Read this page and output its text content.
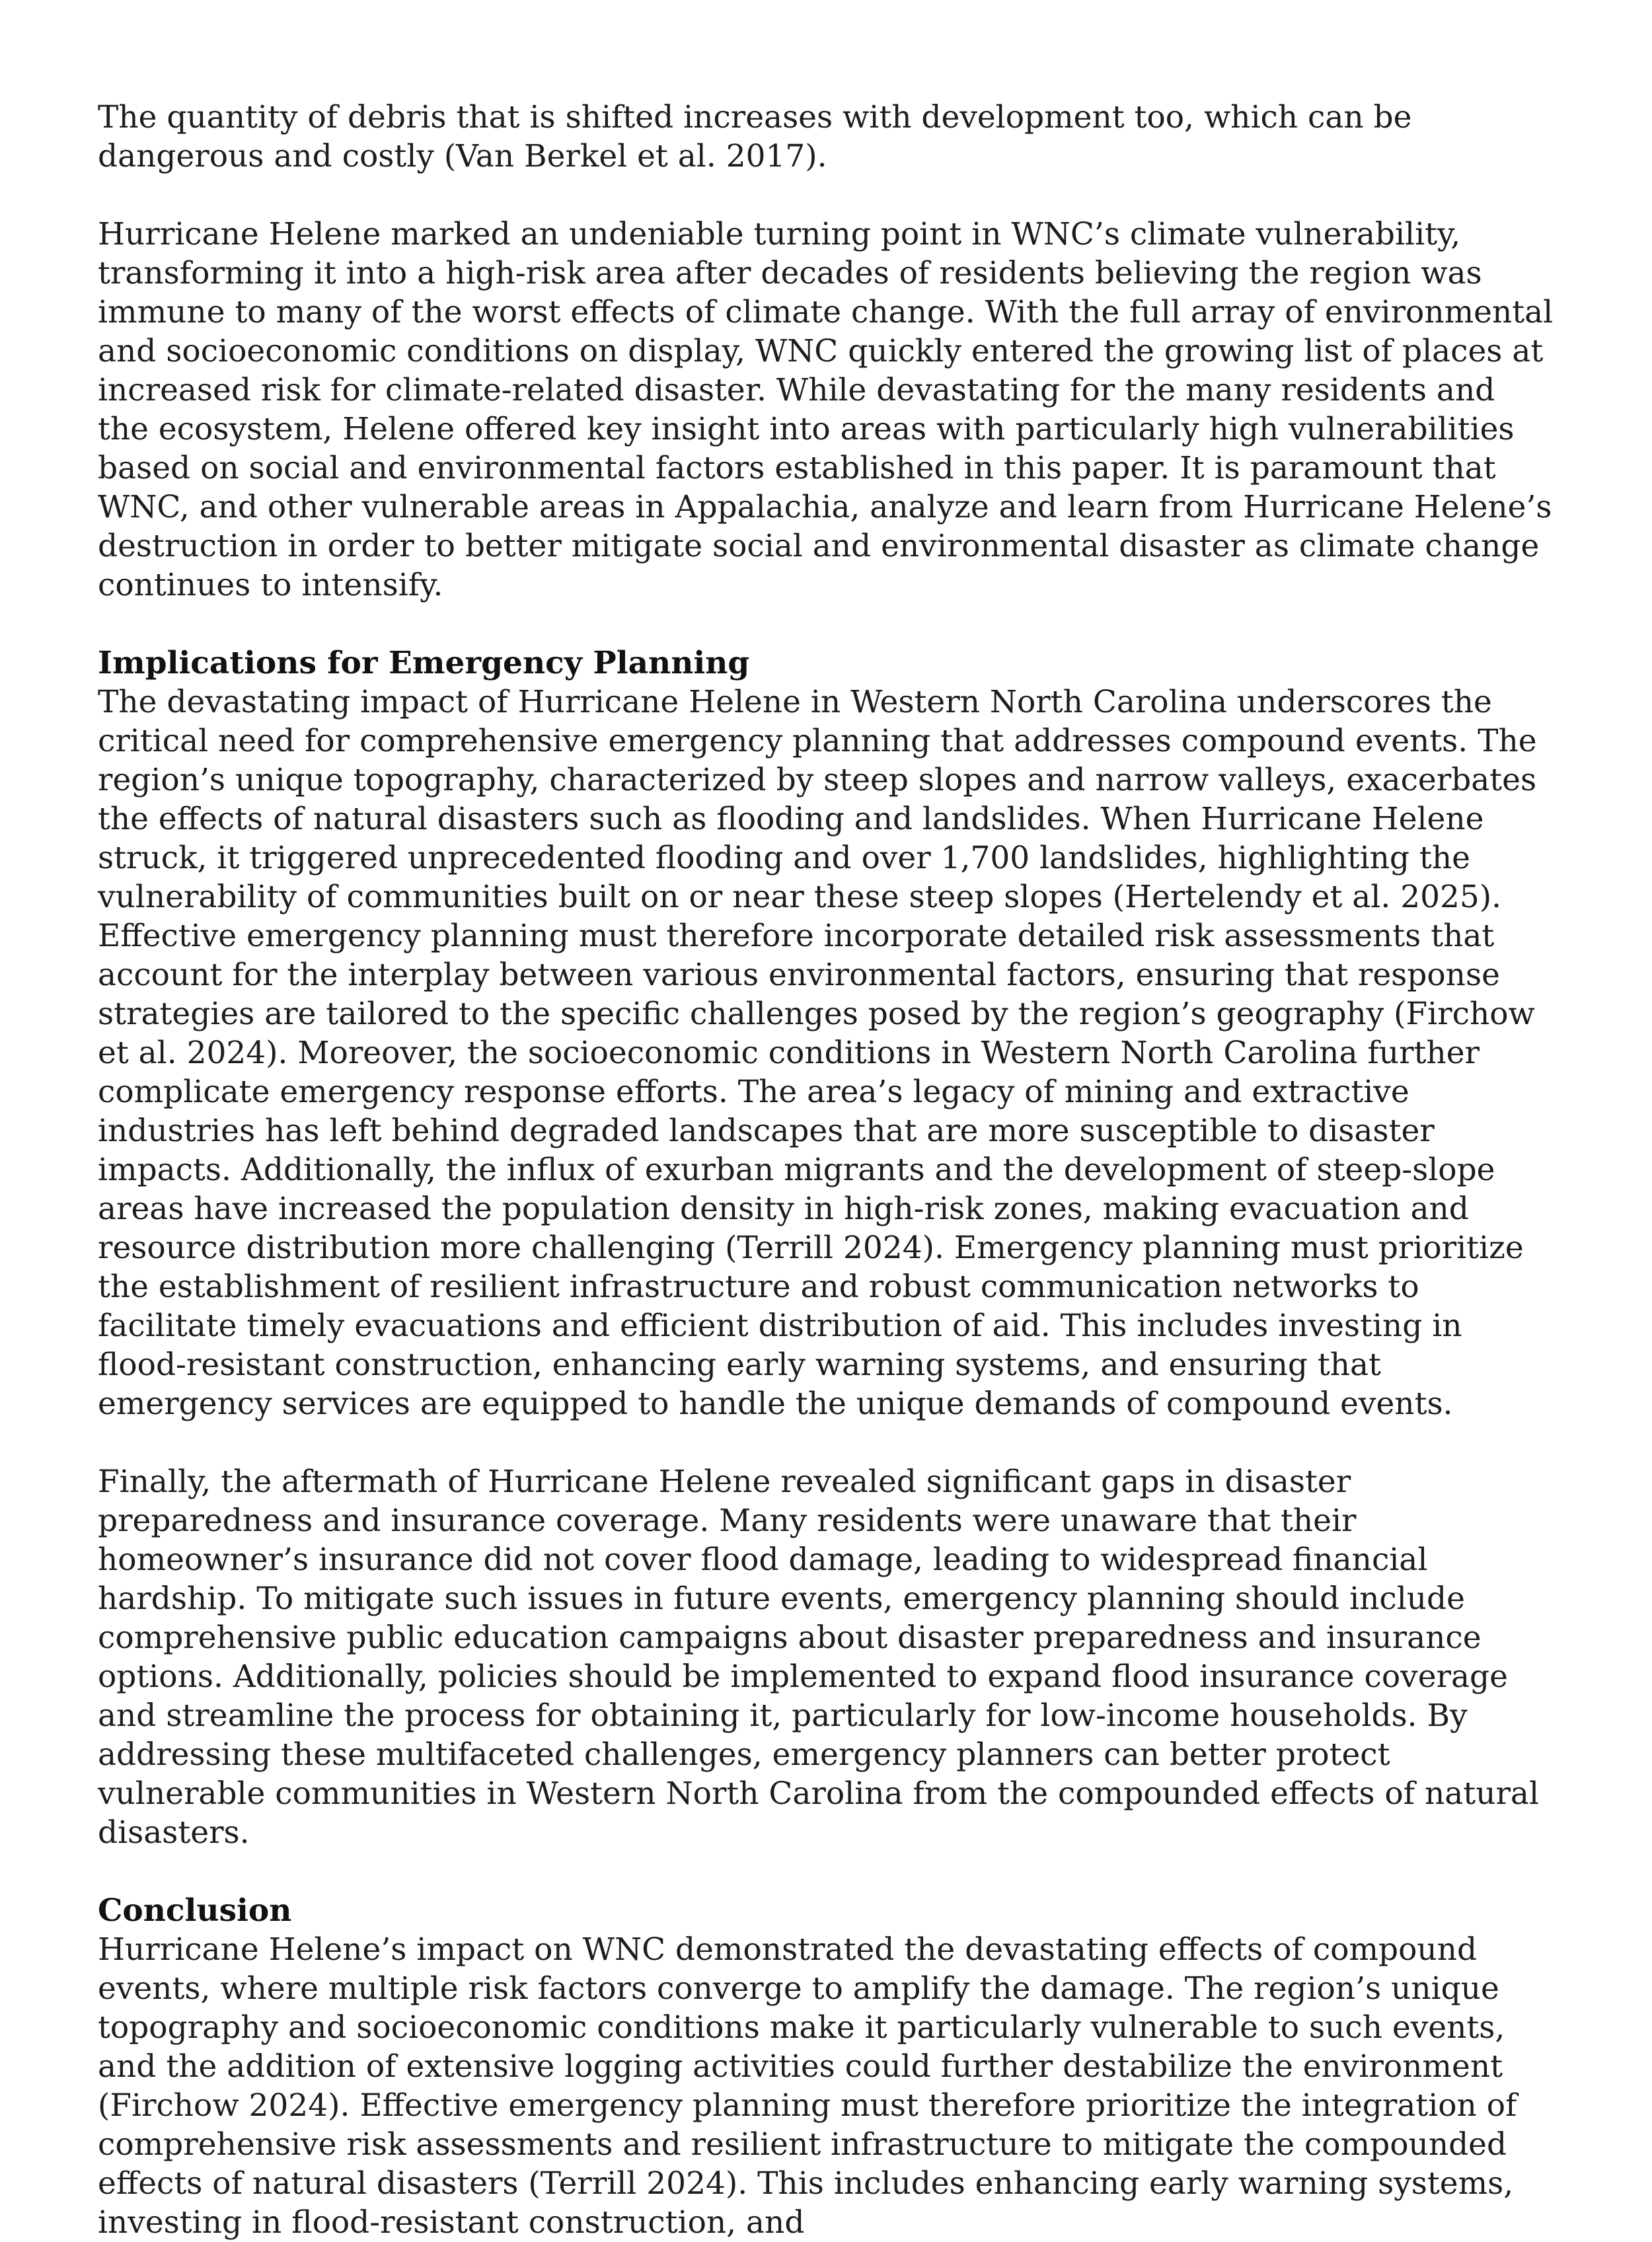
The quantity of debris that is shifted increases with development too, which can be dangerous and costly (Van Berkel et al. 2017).

Hurricane Helene marked an undeniable turning point in WNC’s climate vulnerability, transforming it into a high-risk area after decades of residents believing the region was immune to many of the worst effects of climate change. With the full array of environmental and socioeconomic conditions on display, WNC quickly entered the growing list of places at increased risk for climate-related disaster. While devastating for the many residents and the ecosystem, Helene offered key insight into areas with particularly high vulnerabilities based on social and environmental factors established in this paper. It is paramount that WNC, and other vulnerable areas in Appalachia, analyze and learn from Hurricane Helene’s destruction in order to better mitigate social and environmental disaster as climate change continues to intensify.

Implications for Emergency Planning

The devastating impact of Hurricane Helene in Western North Carolina underscores the critical need for comprehensive emergency planning that addresses compound events. The region’s unique topography, characterized by steep slopes and narrow valleys, exacerbates the effects of natural disasters such as flooding and landslides. When Hurricane Helene struck, it triggered unprecedented flooding and over 1,700 landslides, highlighting the vulnerability of communities built on or near these steep slopes (Hertelendy et al. 2025). Effective emergency planning must therefore incorporate detailed risk assessments that account for the interplay between various environmental factors, ensuring that response strategies are tailored to the specific challenges posed by the region’s geography (Firchow et al. 2024). Moreover, the socioeconomic conditions in Western North Carolina further complicate emergency response efforts. The area’s legacy of mining and extractive industries has left behind degraded landscapes that are more susceptible to disaster impacts. Additionally, the influx of exurban migrants and the development of steep-slope areas have increased the population density in high-risk zones, making evacuation and resource distribution more challenging (Terrill 2024). Emergency planning must prioritize the establishment of resilient infrastructure and robust communication networks to facilitate timely evacuations and efficient distribution of aid. This includes investing in flood-resistant construction, enhancing early warning systems, and ensuring that emergency services are equipped to handle the unique demands of compound events.

Finally, the aftermath of Hurricane Helene revealed significant gaps in disaster preparedness and insurance coverage. Many residents were unaware that their homeowner’s insurance did not cover flood damage, leading to widespread financial hardship. To mitigate such issues in future events, emergency planning should include comprehensive public education campaigns about disaster preparedness and insurance options. Additionally, policies should be implemented to expand flood insurance coverage and streamline the process for obtaining it, particularly for low-income households. By addressing these multifaceted challenges, emergency planners can better protect vulnerable communities in Western North Carolina from the compounded effects of natural disasters.

Conclusion

Hurricane Helene’s impact on WNC demonstrated the devastating effects of compound events, where multiple risk factors converge to amplify the damage. The region’s unique topography and socioeconomic conditions make it particularly vulnerable to such events, and the addition of extensive logging activities could further destabilize the environment (Firchow 2024). Effective emergency planning must therefore prioritize the integration of comprehensive risk assessments and resilient infrastructure to mitigate the compounded effects of natural disasters (Terrill 2024). This includes enhancing early warning systems, investing in flood-resistant construction, and
